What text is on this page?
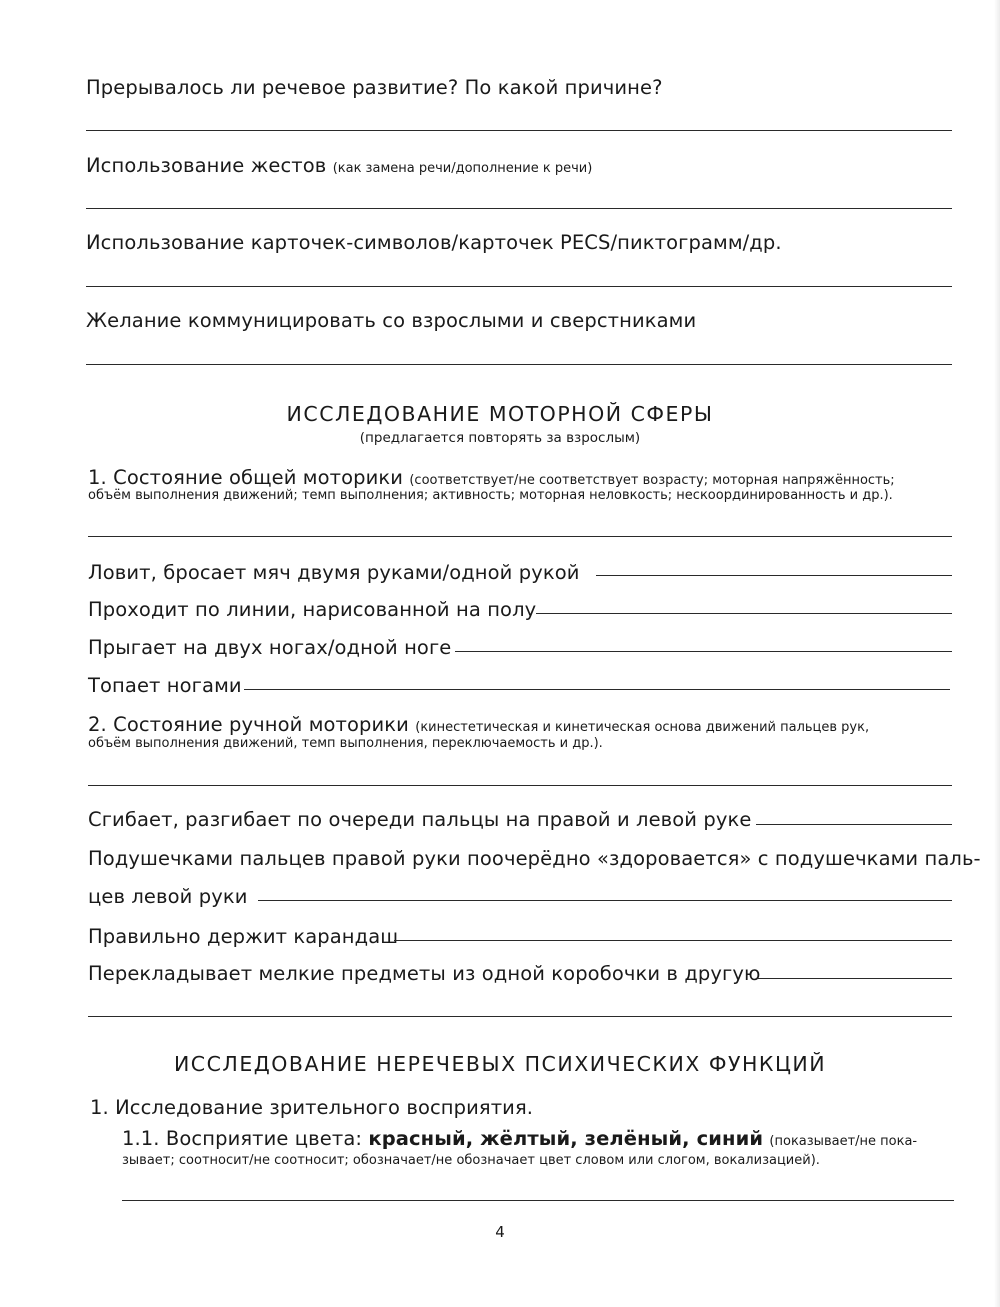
Прерывалось ли речевое развитие? По какой причине?
Использование жестов (как замена речи/дополнение к речи)
Использование карточек-символов/карточек PECS/пиктограмм/др.
Желание коммуницировать со взрослыми и сверстниками
ИССЛЕДОВАНИЕ МОТОРНОЙ СФЕРЫ
(предлагается повторять за взрослым)
1. Состояние общей моторики (соответствует/не соответствует возрасту; моторная напряжённость;
объём выполнения движений; темп выполнения; активность; моторная неловкость; нескоординированность и др.).
Ловит, бросает мяч двумя руками/одной рукой
Проходит по линии, нарисованной на полу
Прыгает на двух ногах/одной ноге
Топает ногами
2. Состояние ручной моторики (кинестетическая и кинетическая основа движений пальцев рук,
объём выполнения движений, темп выполнения, переключаемость и др.).
Сгибает, разгибает по очереди пальцы на правой и левой руке
Подушечками пальцев правой руки поочерёдно «здоровается» с подушечками паль-
цев левой руки
Правильно держит карандаш
Перекладывает мелкие предметы из одной коробочки в другую
ИССЛЕДОВАНИЕ НЕРЕЧЕВЫХ ПСИХИЧЕСКИХ ФУНКЦИЙ
1. Исследование зрительного восприятия.
1.1. Восприятие цвета: красный, жёлтый, зелёный, синий (показывает/не пока-
зывает; соотносит/не соотносит; обозначает/не обозначает цвет словом или слогом, вокализацией).
4
